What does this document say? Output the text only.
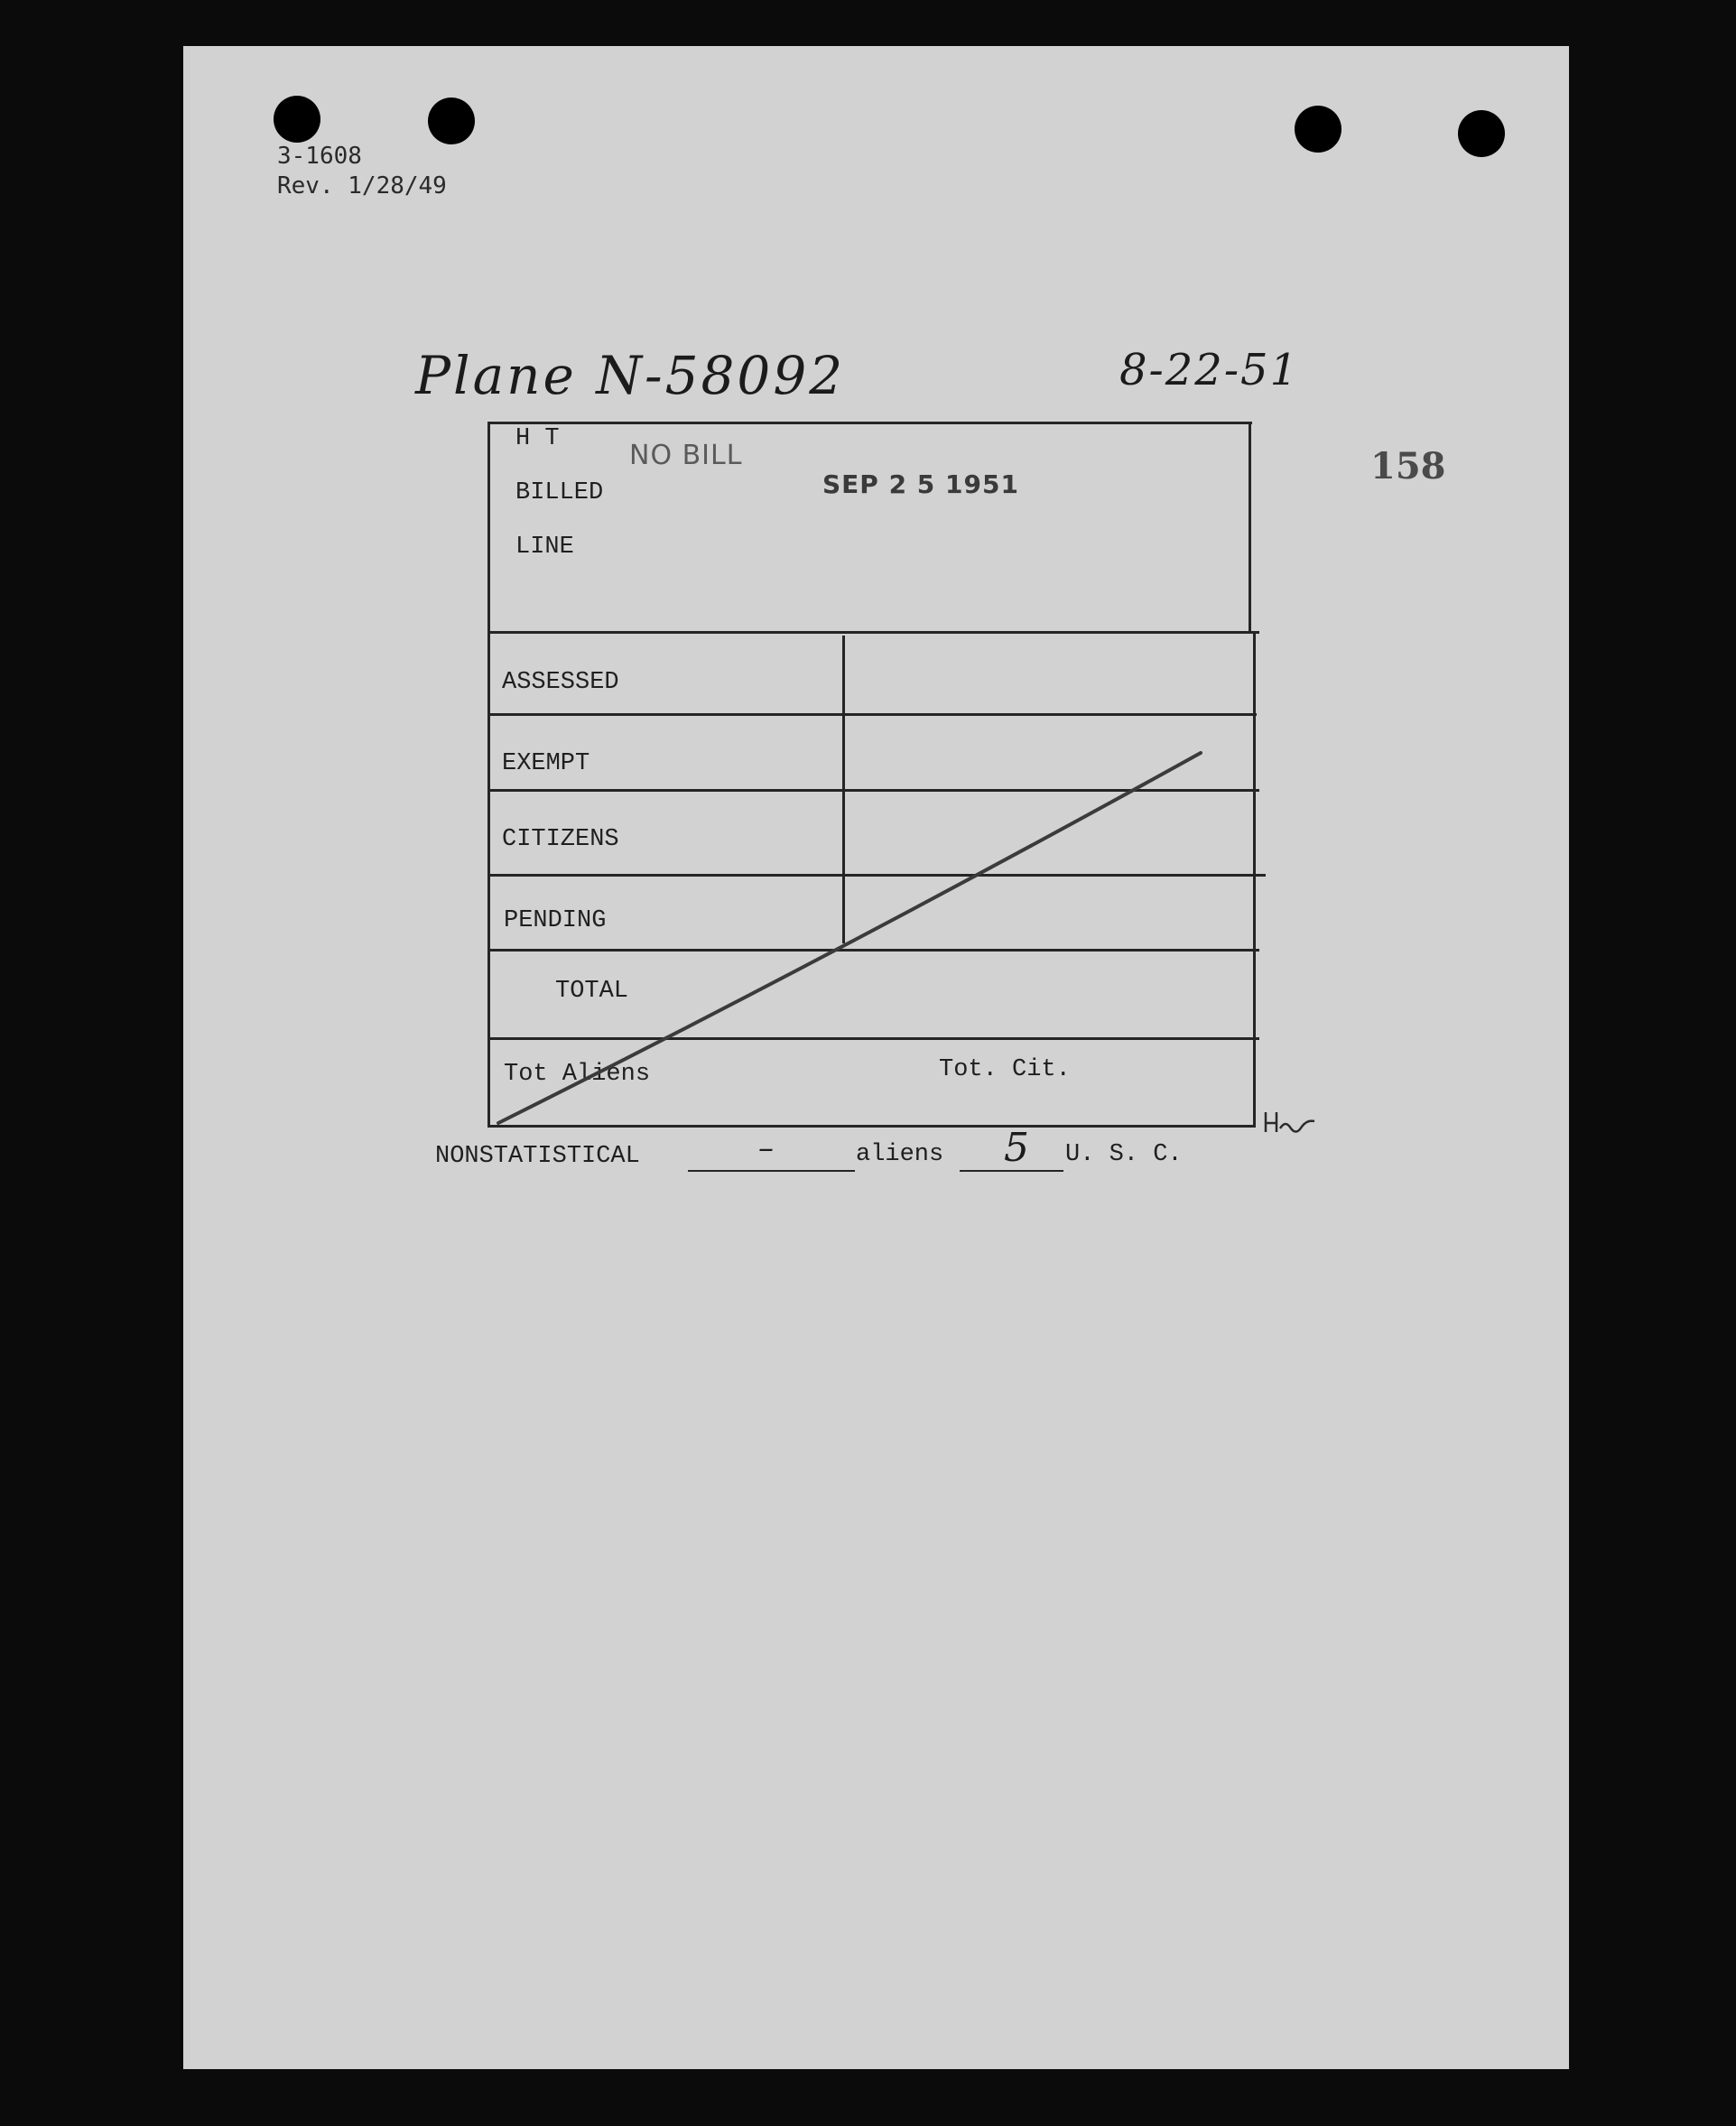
3-1608
Rev. 1/28/49
Plane N-58092	8-22-51
158
NO BILL
SEP 2 5 1951
H T
BILLED
LINE
ASSESSED
EXEMPT
CITIZENS
PENDING
TOTAL
Tot Aliens	Tot. Cit.
NONSTATISTICAL	–	aliens 5 U. S. C.
